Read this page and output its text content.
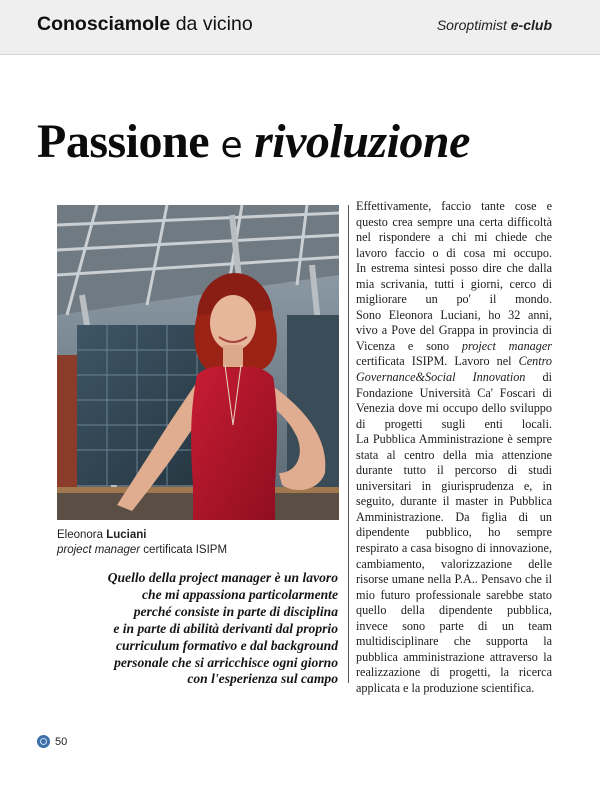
Conosciamole da vicino	Soroptimist e-club
Passione e rivoluzione
Eleonora Luciani
project manager certificata ISIPM
Quello della project manager è un lavoro
che mi appassiona particolarmente
perché consiste in parte di disciplina
e in parte di abilità derivanti dal proprio
curriculum formativo e dal background
personale che si arricchisce ogni giorno
con l'esperienza sul campo

Effettivamente, faccio tante cose e questo crea sempre una certa difficoltà nel rispondere a chi mi chiede che lavoro faccio o di cosa mi occupo.

In estrema sintesi posso dire che dalla mia scrivania, tutti i giorni, cerco di migliorare un po' il mondo.

Sono Eleonora Luciani, ho 32 anni, vivo a Pove del Grappa in provincia di Vicenza e sono project manager certificata ISIPM. Lavoro nel Centro Governance&Social Innovation di Fondazione Università Ca' Foscari di Venezia dove mi occupo dello sviluppo di progetti sugli enti locali.

La Pubblica Amministrazione è sempre stata al centro della mia attenzione durante tutto il percorso di studi universitari in giurisprudenza e, in seguito, durante il master in Pubblica Amministrazione. Da figlia di un dipendente pubblico, ho sempre respirato a casa bisogno di innovazione, cambiamento, valorizzazione delle risorse umane nella P.A.. Pensavo che il mio futuro professionale sarebbe stato quello della dipendente pubblica, invece sono parte di un team multidisciplinare che supporta la pubblica amministrazione attraverso la realizzazione di progetti, la ricerca applicata e la produzione scientifica.

50
